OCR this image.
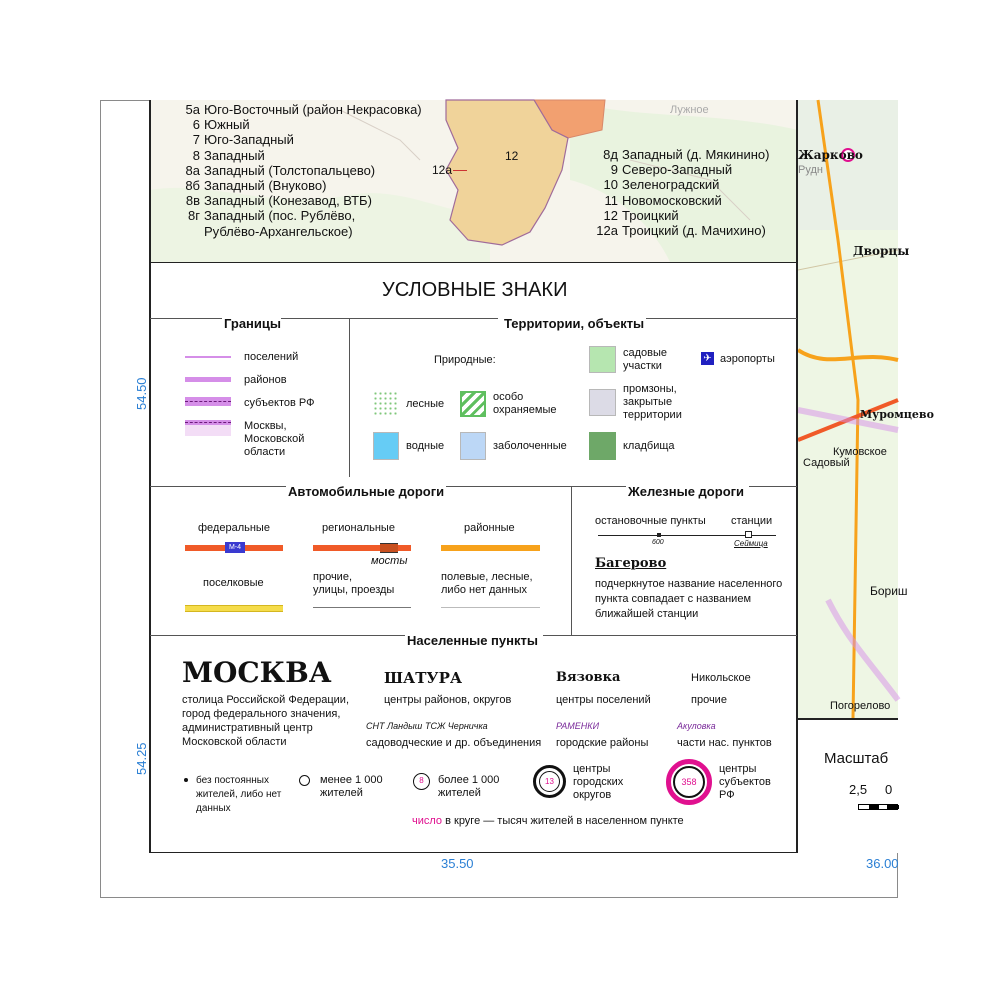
54.50
54.25
35.50	36.00
12
12а
Лужное
5а Юго-Восточный (район Некрасовка)
6 Южный
7 Юго-Западный
8 Западный
8а Западный (Толстопальцево)
8б Западный (Внуково)
8в Западный (Конезавод, ВТБ)
8г Западный (пос. Рублёво,
Рублёво-Архангельское)
8д Западный (д. Мякинино)
9 Северо-Западный
10 Зеленоградский
11 Новомосковский
12 Троицкий
12а Троицкий (д. Мачихино)
Жарково
Дворцы
Муромцево
Погорелово
Бориш
Кумовское
Садовый
Рудн
Масштаб
2,5 0
УСЛОВНЫЕ ЗНАКИ
Границы
поселений
районов
субъектов РФ
Москвы,
Московской
области
Территории, объекты
Природные:
лесные
особо
охраняемые
водные	заболоченные
садовые
участки
промзоны,
закрытые
территории
кладбища
✈ аэропорты
Автомобильные дороги
федеральные
М-4
региональные
мосты
районные
поселковые	прочие,
улицы, проезды
полевые, лесные,
либо нет данных
Железные дороги
остановочные пункты станции
600	Сеймица
Багерово
подчеркнутое название населенного
пункта совпадает с названием
ближайшей станции
Населенные пункты
МОСКВА
столица Российской Федерации,
город федерального значения,
административный центр
Московской области
ШАТУРА
центры районов, округов
Вязовка
центры поселений
Никольское
прочие
СНТ Ландыш ТСЖ Черничка
садоводческие и др. объединения
РАМЕНКИ
городские районы
Акуловка
части нас. пунктов
без постоянных
жителей, либо нет
данных
менее 1 000
жителей
8	более 1 000
жителей
13
центры
городских
округов
358
центры
субъектов
РФ
число в круге — тысяч жителей в населенном пункте
